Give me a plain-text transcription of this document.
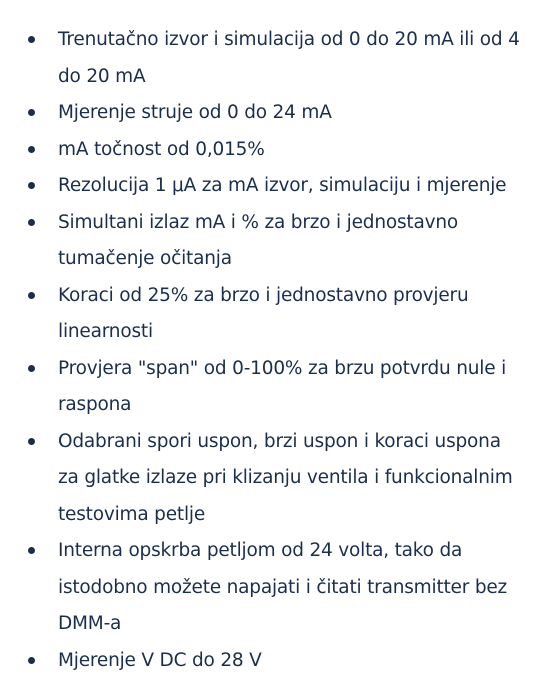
Trenutačno izvor i simulacija od 0 do 20 mA ili od 4 do 20 mA
Mjerenje struje od 0 do 24 mA
mA točnost od 0,015%
Rezolucija 1 μA za mA izvor, simulaciju i mjerenje
Simultani izlaz mA i % za brzo i jednostavno tumačenje očitanja
Koraci od 25% za brzo i jednostavno provjeru linearnosti
Provjera "span" od 0-100% za brzu potvrdu nule i raspona
Odabrani spori uspon, brzi uspon i koraci uspona za glatke izlaze pri klizanju ventila i funkcionalnim testovima petlje
Interna opskrba petljom od 24 volta, tako da istodobno možete napajati i čitati transmitter bez DMM-a
Mjerenje V DC do 28 V
